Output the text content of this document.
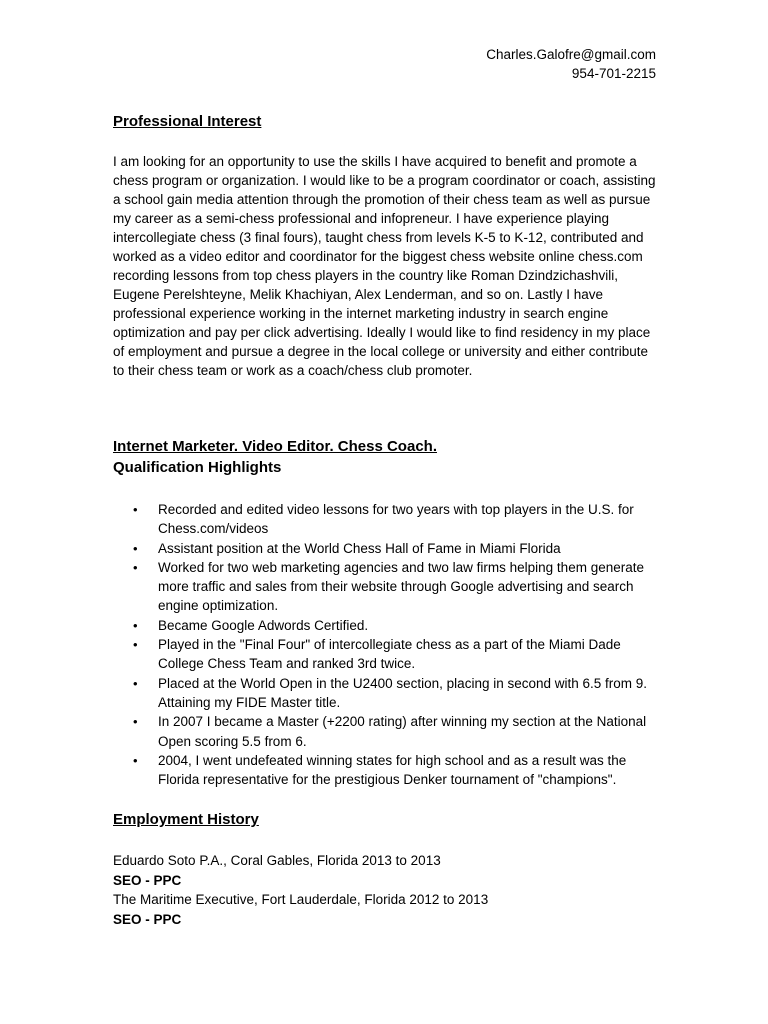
Charles.Galofre@gmail.com
954-701-2215
Professional Interest
I am looking for an opportunity to use the skills I have acquired to benefit and promote a chess program or organization. I would like to be a program coordinator or coach, assisting a school gain media attention through the promotion of their chess team as well as pursue my career as a semi-chess professional and infopreneur. I have experience playing intercollegiate chess (3 final fours), taught chess from levels K-5 to K-12, contributed and worked as a video editor and coordinator for the biggest chess website online chess.com recording lessons from top chess players in the country like Roman Dzindzichashvili, Eugene Perelshteyne, Melik Khachiyan, Alex Lenderman, and so on. Lastly I have professional experience working in the internet marketing industry in search engine optimization and pay per click advertising. Ideally I would like to find residency in my place of employment and pursue a degree in the local college or university and either contribute to their chess team or work as a coach/chess club promoter.
Internet Marketer. Video Editor. Chess Coach.
Qualification Highlights
• Recorded and edited video lessons for two years with top players in the U.S. for Chess.com/videos
• Assistant position at the World Chess Hall of Fame in Miami Florida
• Worked for two web marketing agencies and two law firms helping them generate more traffic and sales from their website through Google advertising and search engine optimization.
• Became Google Adwords Certified.
• Played in the "Final Four" of intercollegiate chess as a part of the Miami Dade College Chess Team and ranked 3rd twice.
• Placed at the World Open in the U2400 section, placing in second with 6.5 from 9. Attaining my FIDE Master title.
• In 2007 I became a Master (+2200 rating) after winning my section at the National Open scoring 5.5 from 6.
• 2004, I went undefeated winning states for high school and as a result was the Florida representative for the prestigious Denker tournament of "champions".
Employment History
Eduardo Soto P.A., Coral Gables, Florida 2013 to 2013
SEO - PPC
The Maritime Executive, Fort Lauderdale, Florida 2012 to 2013
SEO - PPC
